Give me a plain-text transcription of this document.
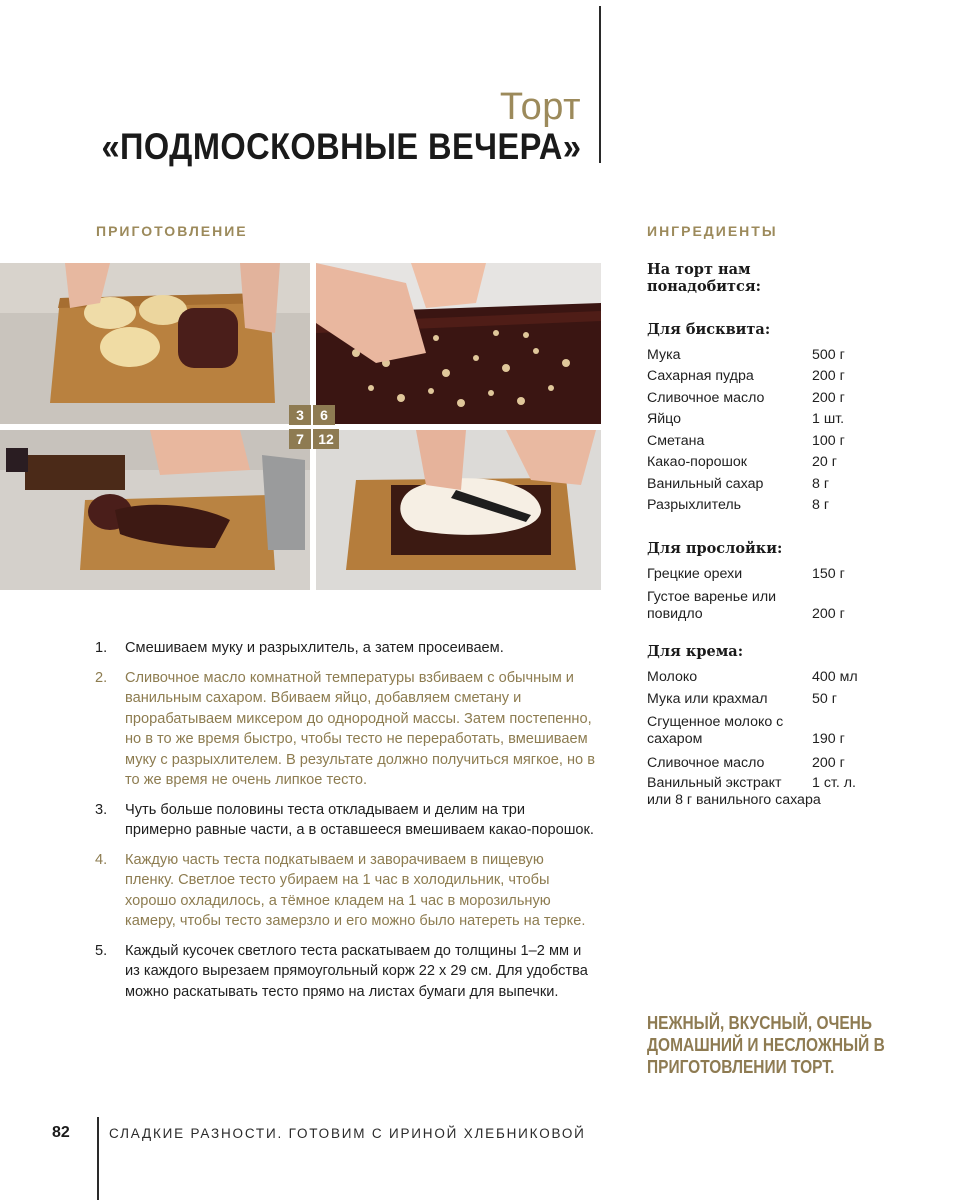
Торт
«ПОДМОСКОВНЫЕ ВЕЧЕРА»
ПРИГОТОВЛЕНИЕ	ИНГРЕДИЕНТЫ
3	6
7	12
1.	Смешиваем муку и разрыхлитель, а затем просеиваем.
2.	Сливочное масло комнатной температуры взбиваем с обычным и ванильным сахаром. Вбиваем яйцо, добавляем сметану и прорабатываем миксером до однородной массы. Затем постепенно, но в то же время быстро, чтобы тесто не переработать, вмешиваем муку с разрыхлителем. В результате должно получиться мягкое, но в то же время не очень липкое тесто.
3.	Чуть больше половины теста откладываем и делим на три примерно равные части, а в оставшееся вмешиваем какао-порошок.
4.	Каждую часть теста подкатываем и заворачиваем в пищевую пленку. Светлое тесто убираем на 1 час в холодильник, чтобы хорошо охладилось, а тёмное кладем на 1 час в морозильную камеру, чтобы тесто замерзло и его можно было натереть на терке.
5.	Каждый кусочек светлого теста раскатываем до толщины 1–2 мм и из каждого вырезаем прямоугольный корж 22 х 29 см. Для удобства можно раскатывать тесто прямо на листах бумаги для выпечки.
На торт нам понадобится:
Для бисквита:
Мука	500 г
Сахарная пудра	200 г
Сливочное масло	200 г
Яйцо	1 шт.
Сметана	100 г
Какао-порошок	20 г
Ванильный сахар	8 г
Разрыхлитель	8 г
Для прослойки:
Грецкие орехи	150 г
Густое варенье или повидло	200 г
Для крема:
Молоко	400 мл
Мука или крахмал	50 г
Сгущенное молоко с сахаром	190 г
Сливочное масло	200 г
Ванильный экстракт	1 ст. л.
или 8 г ванильного сахара
НЕЖНЫЙ, ВКУСНЫЙ, ОЧЕНЬ ДОМАШНИЙ И НЕСЛОЖНЫЙ В ПРИГОТОВЛЕНИИ ТОРТ.
82	СЛАДКИЕ РАЗНОСТИ. ГОТОВИМ С ИРИНОЙ ХЛЕБНИКОВОЙ
